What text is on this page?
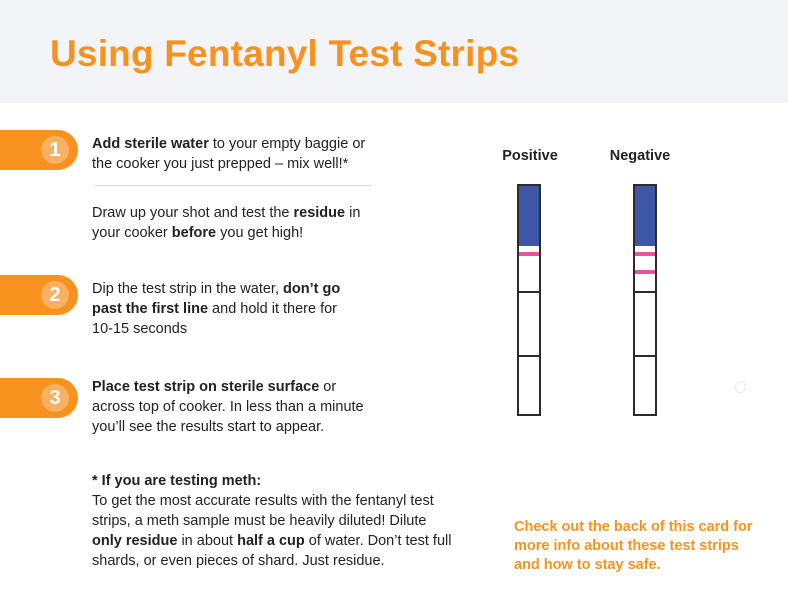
Using Fentanyl Test Strips
1	Add sterile water to your empty baggie or
the cooker you just prepped – mix well!*

Draw up your shot and test the residue in
your cooker before you get high!

2	Dip the test strip in the water, don’t go
past the first line and hold it there for
10-15 seconds

3	Place test strip on sterile surface or
across top of cooker. In less than a minute
you’ll see the results start to appear.

* If you are testing meth:
To get the most accurate results with the fentanyl test
strips, a meth sample must be heavily diluted! Dilute
only residue in about half a cup of water. Don’t test full
shards, or even pieces of shard. Just residue.

Positive	Negative

Check out the back of this card for more info about these test strips and how to stay safe.
